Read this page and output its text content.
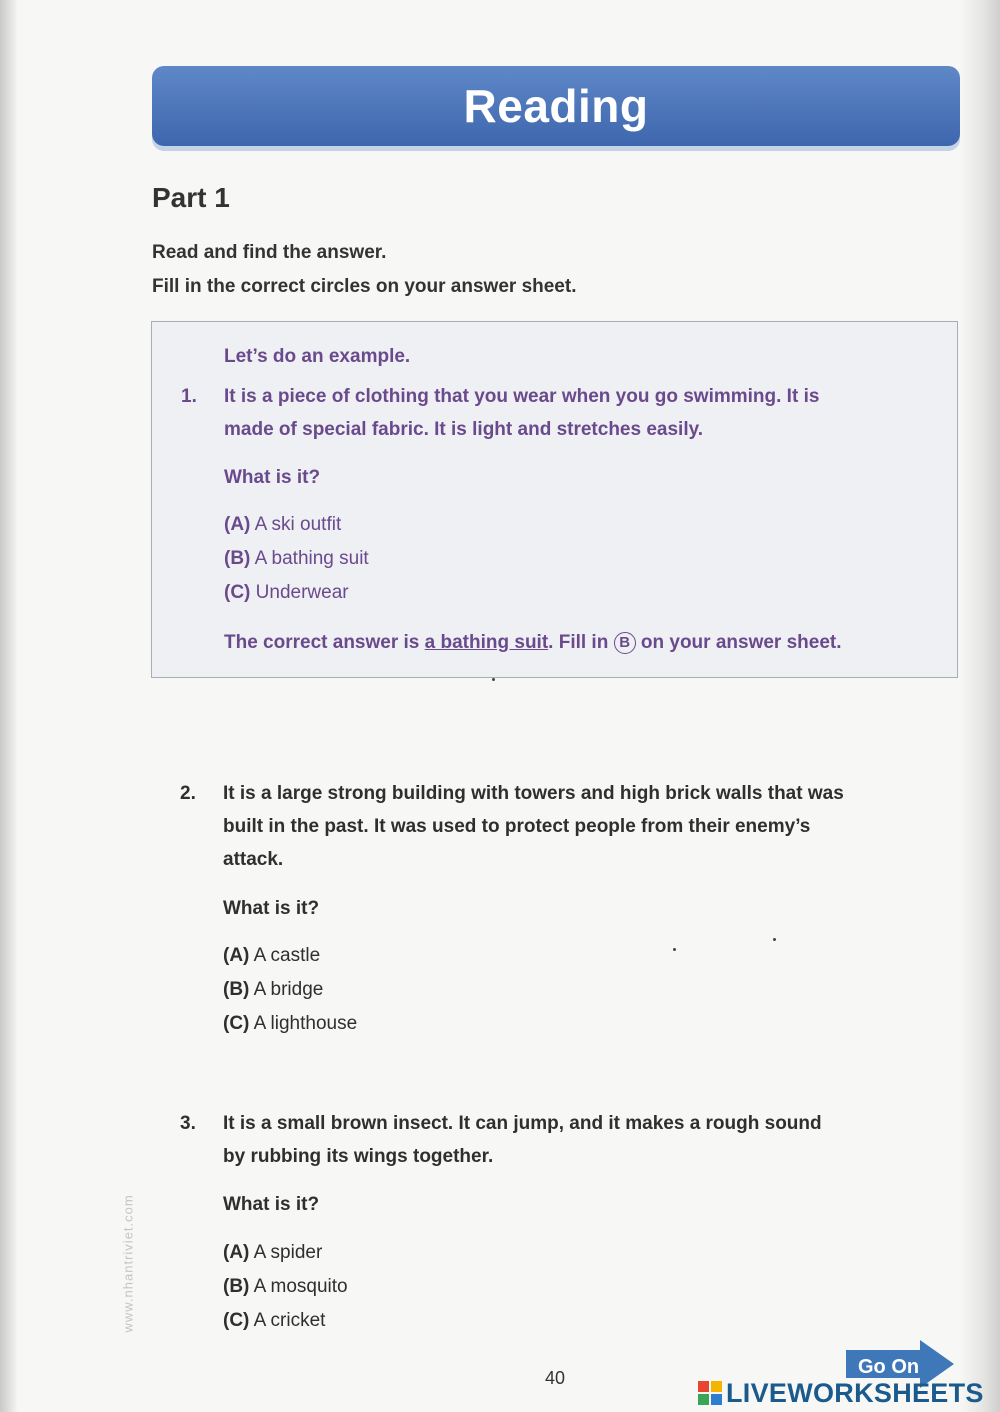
Reading
Part 1
Read and find the answer.
Fill in the correct circles on your answer sheet.
Let’s do an example.
1. It is a piece of clothing that you wear when you go swimming. It is
made of special fabric. It is light and stretches easily.
What is it?
(A) A ski outfit
(B) A bathing suit
(C) Underwear
The correct answer is a bathing suit. Fill in B on your answer sheet.
2. It is a large strong building with towers and high brick walls that was
built in the past. It was used to protect people from their enemy’s
attack.
What is it?
(A) A castle
(B) A bridge
(C) A lighthouse
3. It is a small brown insect. It can jump, and it makes a rough sound
by rubbing its wings together.
What is it?
(A) A spider
(B) A mosquito
(C) A cricket
www.nhantriviet.com
40	Go On
LIVEWORKSHEETS
